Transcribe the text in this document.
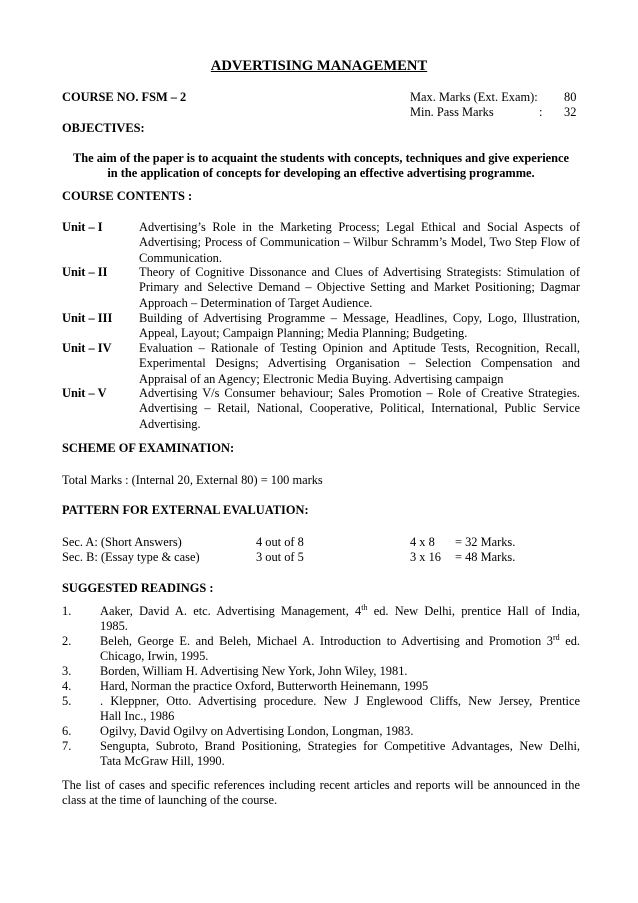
ADVERTISING MANAGEMENT
COURSE NO. FSM – 2	Max. Marks (Ext. Exam): 80
Min. Pass Marks	: 32
OBJECTIVES:
The aim of the paper is to acquaint the students with concepts, techniques and give experience
in the application of concepts for developing an effective advertising programme.
COURSE CONTENTS :
Unit – I	Advertising’s Role in the Marketing Process; Legal Ethical and Social Aspects of Advertising; Process of Communication – Wilbur Schramm’s Model, Two Step Flow of Communication.
Unit – II	Theory of Cognitive Dissonance and Clues of Advertising Strategists: Stimulation of Primary and Selective Demand – Objective Setting and Market Positioning; Dagmar Approach – Determination of Target Audience.
Unit – III Building of Advertising Programme – Message, Headlines, Copy, Logo, Illustration, Appeal, Layout; Campaign Planning; Media Planning; Budgeting.
Unit – IV Evaluation – Rationale of Testing Opinion and Aptitude Tests, Recognition, Recall, Experimental Designs; Advertising Organisation – Selection Compensation and Appraisal of an Agency; Electronic Media Buying. Advertising campaign
Unit – V	Advertising V/s Consumer behaviour; Sales Promotion – Role of Creative Strategies. Advertising – Retail, National, Cooperative, Political, International, Public Service Advertising.
SCHEME OF EXAMINATION:
Total Marks : (Internal 20, External 80) = 100 marks
PATTERN FOR EXTERNAL EVALUATION:
Sec. A: (Short Answers)	4 out of 8	4 x 8 = 32 Marks.
Sec. B: (Essay type & case)	3 out of 5	3 x 16 = 48 Marks.
SUGGESTED READINGS :
1. Aaker, David A. etc. Advertising Management, 4th ed. New Delhi, prentice Hall of India,
1985.
2. Beleh, George E. and Beleh, Michael A. Introduction to Advertising and Promotion 3rd ed.
Chicago, Irwin, 1995.
3. Borden, William H. Advertising New York, John Wiley, 1981.
4. Hard, Norman the practice Oxford, Butterworth Heinemann, 1995
5. . Kleppner, Otto. Advertising procedure. New J Englewood Cliffs, New Jersey, Prentice
Hall Inc., 1986
6. Ogilvy, David Ogilvy on Advertising London, Longman, 1983.
7. Sengupta, Subroto, Brand Positioning, Strategies for Competitive Advantages, New Delhi,
Tata McGraw Hill, 1990.
The list of cases and specific references including recent articles and reports will be announced in the class at the time of launching of the course.
